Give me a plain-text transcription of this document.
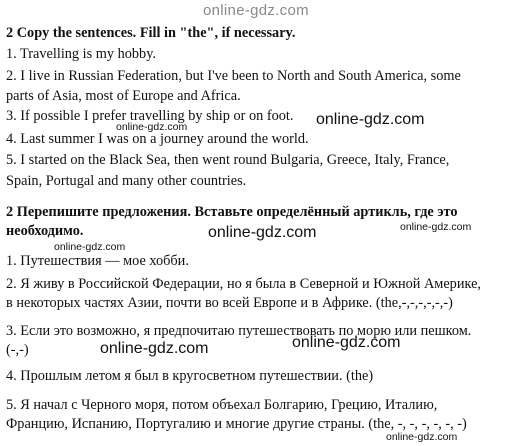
online-gdz.com
2 Copy the sentences. Fill in "the", if necessary.
1. Travelling is my hobby.
2. I live in Russian Federation, but I've been to North and South America, some
parts of Asia, most of Europe and Africa.
3. If possible I prefer travelling by ship or on foot.
4. Last summer I was on a journey around the world.
5. I started on the Black Sea, then went round Bulgaria, Greece, Italy, France,
Spain, Portugal and many other countries.
online-gdz.com
online-gdz.com
2 Перепишите предложения. Вставьте определённый артикль, где это
необходимо.	online-gdz.com	online-gdz.com
online-gdz.com
1. Путешествия — мое хобби.
2. Я живу в Российской Федерации, но я была в Северной и Южной Америке,
в некоторых частях Азии, почти во всей Европе и в Африке. (the,-,-,-,-,-,-)
3. Если это возможно, я предпочитаю путешествовать по морю или пешком.
(-,-)	online-gdz.com	online-gdz.com
4. Прошлым летом я был в кругосветном путешествии. (the)
5. Я начал с Черного моря, потом объехал Болгарию, Грецию, Италию,
Францию, Испанию, Португалию и многие другие страны. (the, -, -, -, -, -, -)
online-gdz.com
